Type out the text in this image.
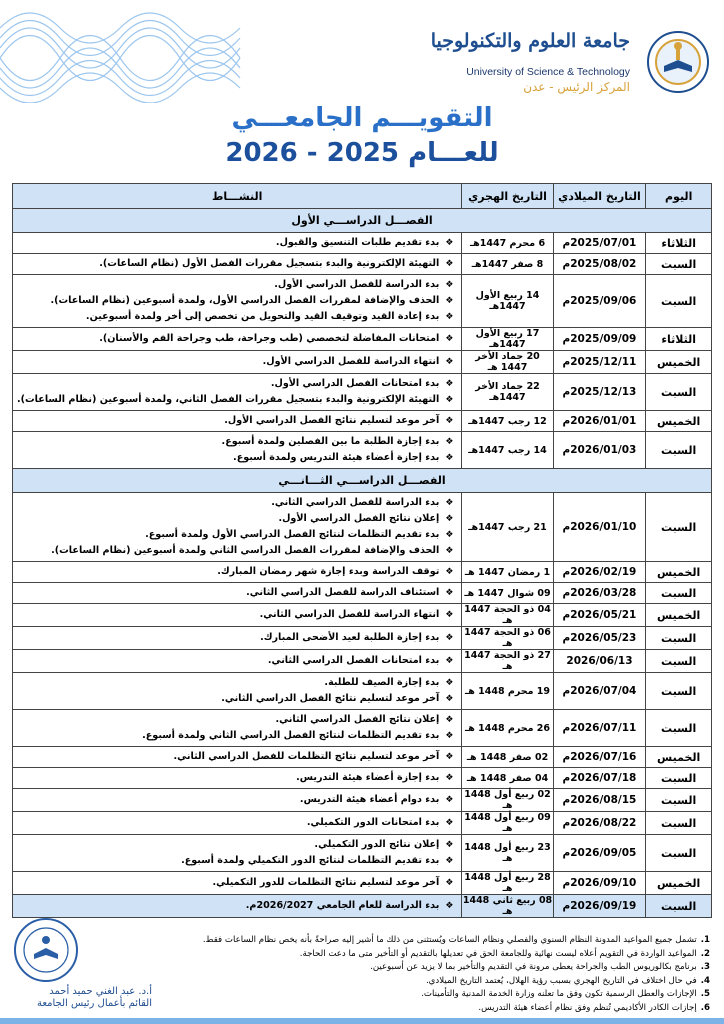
جامعة العلوم والتكنولوجيا
University of Science & Technology
المركز الرئيس - عدن
التقويـــم الجامعـــي
للعـــام 2025 - 2026
اليوم	التاريخ الميلادي	التاريخ الهجري	النشـــاط
الفصـــل الدراســـي الأول			
الثلاثاء	2025/07/01م	6 محرم 1447هـ	❖ بدء تقديم طلبات التنسيق والقبول.

السبت	2025/08/02م	8 صفر 1447هـ	❖ التهيئة الإلكترونية والبدء بتسجيل مقررات الفصل الأول (نظام الساعات).

السبت	2025/09/06م	14 ربيع الأول 1447هـ	❖ بدء الدراسة للفصل الدراسي الأول.
❖ الحذف والإضافة لمقررات الفصل الدراسي الأول، ولمدة أسبوعين (نظام الساعات).
❖ بدء إعادة القيد وتوقيف القيد والتحويل من تخصص إلى أخر ولمدة أسبوعين.

الثلاثاء	2025/09/09م	17 ربيع الأول 1447هـ	❖ امتحانات المفاضلة لتخصصي (طب وجراحة، طب وجراحة الفم والأسنان).

الخميس	2025/12/11م	20 جماد الأخر 1447 هـ	❖ انتهاء الدراسة للفصل الدراسي الأول.

السبت	2025/12/13م	22 جماد الأخر 1447هـ	❖ بدء امتحانات الفصل الدراسي الأول.
❖ التهيئة الإلكترونية والبدء بتسجيل مقررات الفصل الثاني، ولمدة أسبوعين (نظام الساعات).

الخميس	2026/01/01م	12 رجب 1447هـ	❖ آخر موعد لتسليم نتائج الفصل الدراسي الأول.

السبت	2026/01/03م	14 رجب 1447هـ	❖ بدء إجازة الطلبة ما بين الفصلين ولمدة أسبوع.
❖ بدء إجازة أعضاء هيئة التدريس ولمدة أسبوع.

الفصـــل الدراســـي الثـــانـــي			
السبت	2026/01/10م	21 رجب 1447هـ	❖ بدء الدراسة للفصل الدراسي الثاني.
❖ إعلان نتائج الفصل الدراسي الأول.
❖ بدء تقديم التظلمات لنتائج الفصل الدراسي الأول ولمدة أسبوع.
❖ الحذف والإضافة لمقررات الفصل الدراسي الثاني ولمدة أسبوعين (نظام الساعات).

الخميس	2026/02/19م	1 رمضان 1447 هـ	❖ توقف الدراسة وبدء إجازة شهر رمضان المبارك.

السبت	2026/03/28م	09 شوال 1447 هـ	❖ استئناف الدراسة للفصل الدراسي الثاني.

الخميس	2026/05/21م	04 ذو الحجة 1447 هـ	❖ انتهاء الدراسة للفصل الدراسي الثاني.

السبت	2026/05/23م	06 ذو الحجة 1447 هـ	❖ بدء إجازة الطلبة لعيد الأضحى المبارك.

السبت	2026/06/13	27 ذو الحجة 1447 هـ	❖ بدء امتحانات الفصل الدراسي الثاني.

السبت	2026/07/04م	19 محرم 1448 هـ	❖ بدء إجازة الصيف للطلبة.
❖ آخر موعد لتسليم نتائج الفصل الدراسي الثاني.

السبت	2026/07/11م	26 محرم 1448 هـ	❖ إعلان نتائج الفصل الدراسي الثاني.
❖ بدء تقديم التظلمات لنتائج الفصل الدراسي الثاني ولمدة أسبوع.

الخميس	2026/07/16م	02 صفر 1448 هـ	❖ آخر موعد لتسليم نتائج التظلمات للفصل الدراسي الثاني.

السبت	2026/07/18م	04 صفر 1448 هـ	❖ بدء إجازة أعضاء هيئة التدريس.

السبت	2026/08/15م	02 ربيع أول 1448 هـ	❖ بدء دوام أعضاء هيئة التدريس.

السبت	2026/08/22م	09 ربيع أول 1448 هـ	❖ بدء امتحانات الدور التكميلي.

السبت	2026/09/05م	23 ربيع أول 1448 هـ	❖ إعلان نتائج الدور التكميلي.
❖ بدء تقديم التظلمات لنتائج الدور التكميلي ولمدة أسبوع.

الخميس	2026/09/10م	28 ربيع أول 1448 هـ	❖ آخر موعد لتسليم نتائج التظلمات للدور التكميلي.

السبت	2026/09/19م	08 ربيع ثاني 1448 هـ	❖ بدء الدراسة للعام الجامعي 2026/2027م.
أ.د. عبد الغني حميد أحمد
القائم بأعمال رئيس الجامعة
1.تشمل جميع المواعيد المدونة النظام السنوي والفصلي ونظام الساعات ويُستثنى من ذلك ما أشير إليه صراحةً بأنه يخص نظام الساعات فقط.
2.المواعيد الواردة في التقويم أعلاه ليست نهائية وللجامعة الحق في تعديلها بالتقديم أو التأخير متى ما دعت الحاجة.
3.برنامج بكالوريوس الطب والجراحة يعطى مرونة في التقديم والتأخير بما لا يزيد عن أسبوعين.
4.في حال اختلاف في التاريخ الهجري بسبب رؤية الهلال، يُعتمد التاريخ الميلادي.
5.الإجازات والعطل الرسمية تكون وفق ما تعلنه وزارة الخدمة المدنية والتأمينات.
6.إجازات الكادر الأكاديمي تُنظم وفق نظام أعضاء هيئة التدريس.
